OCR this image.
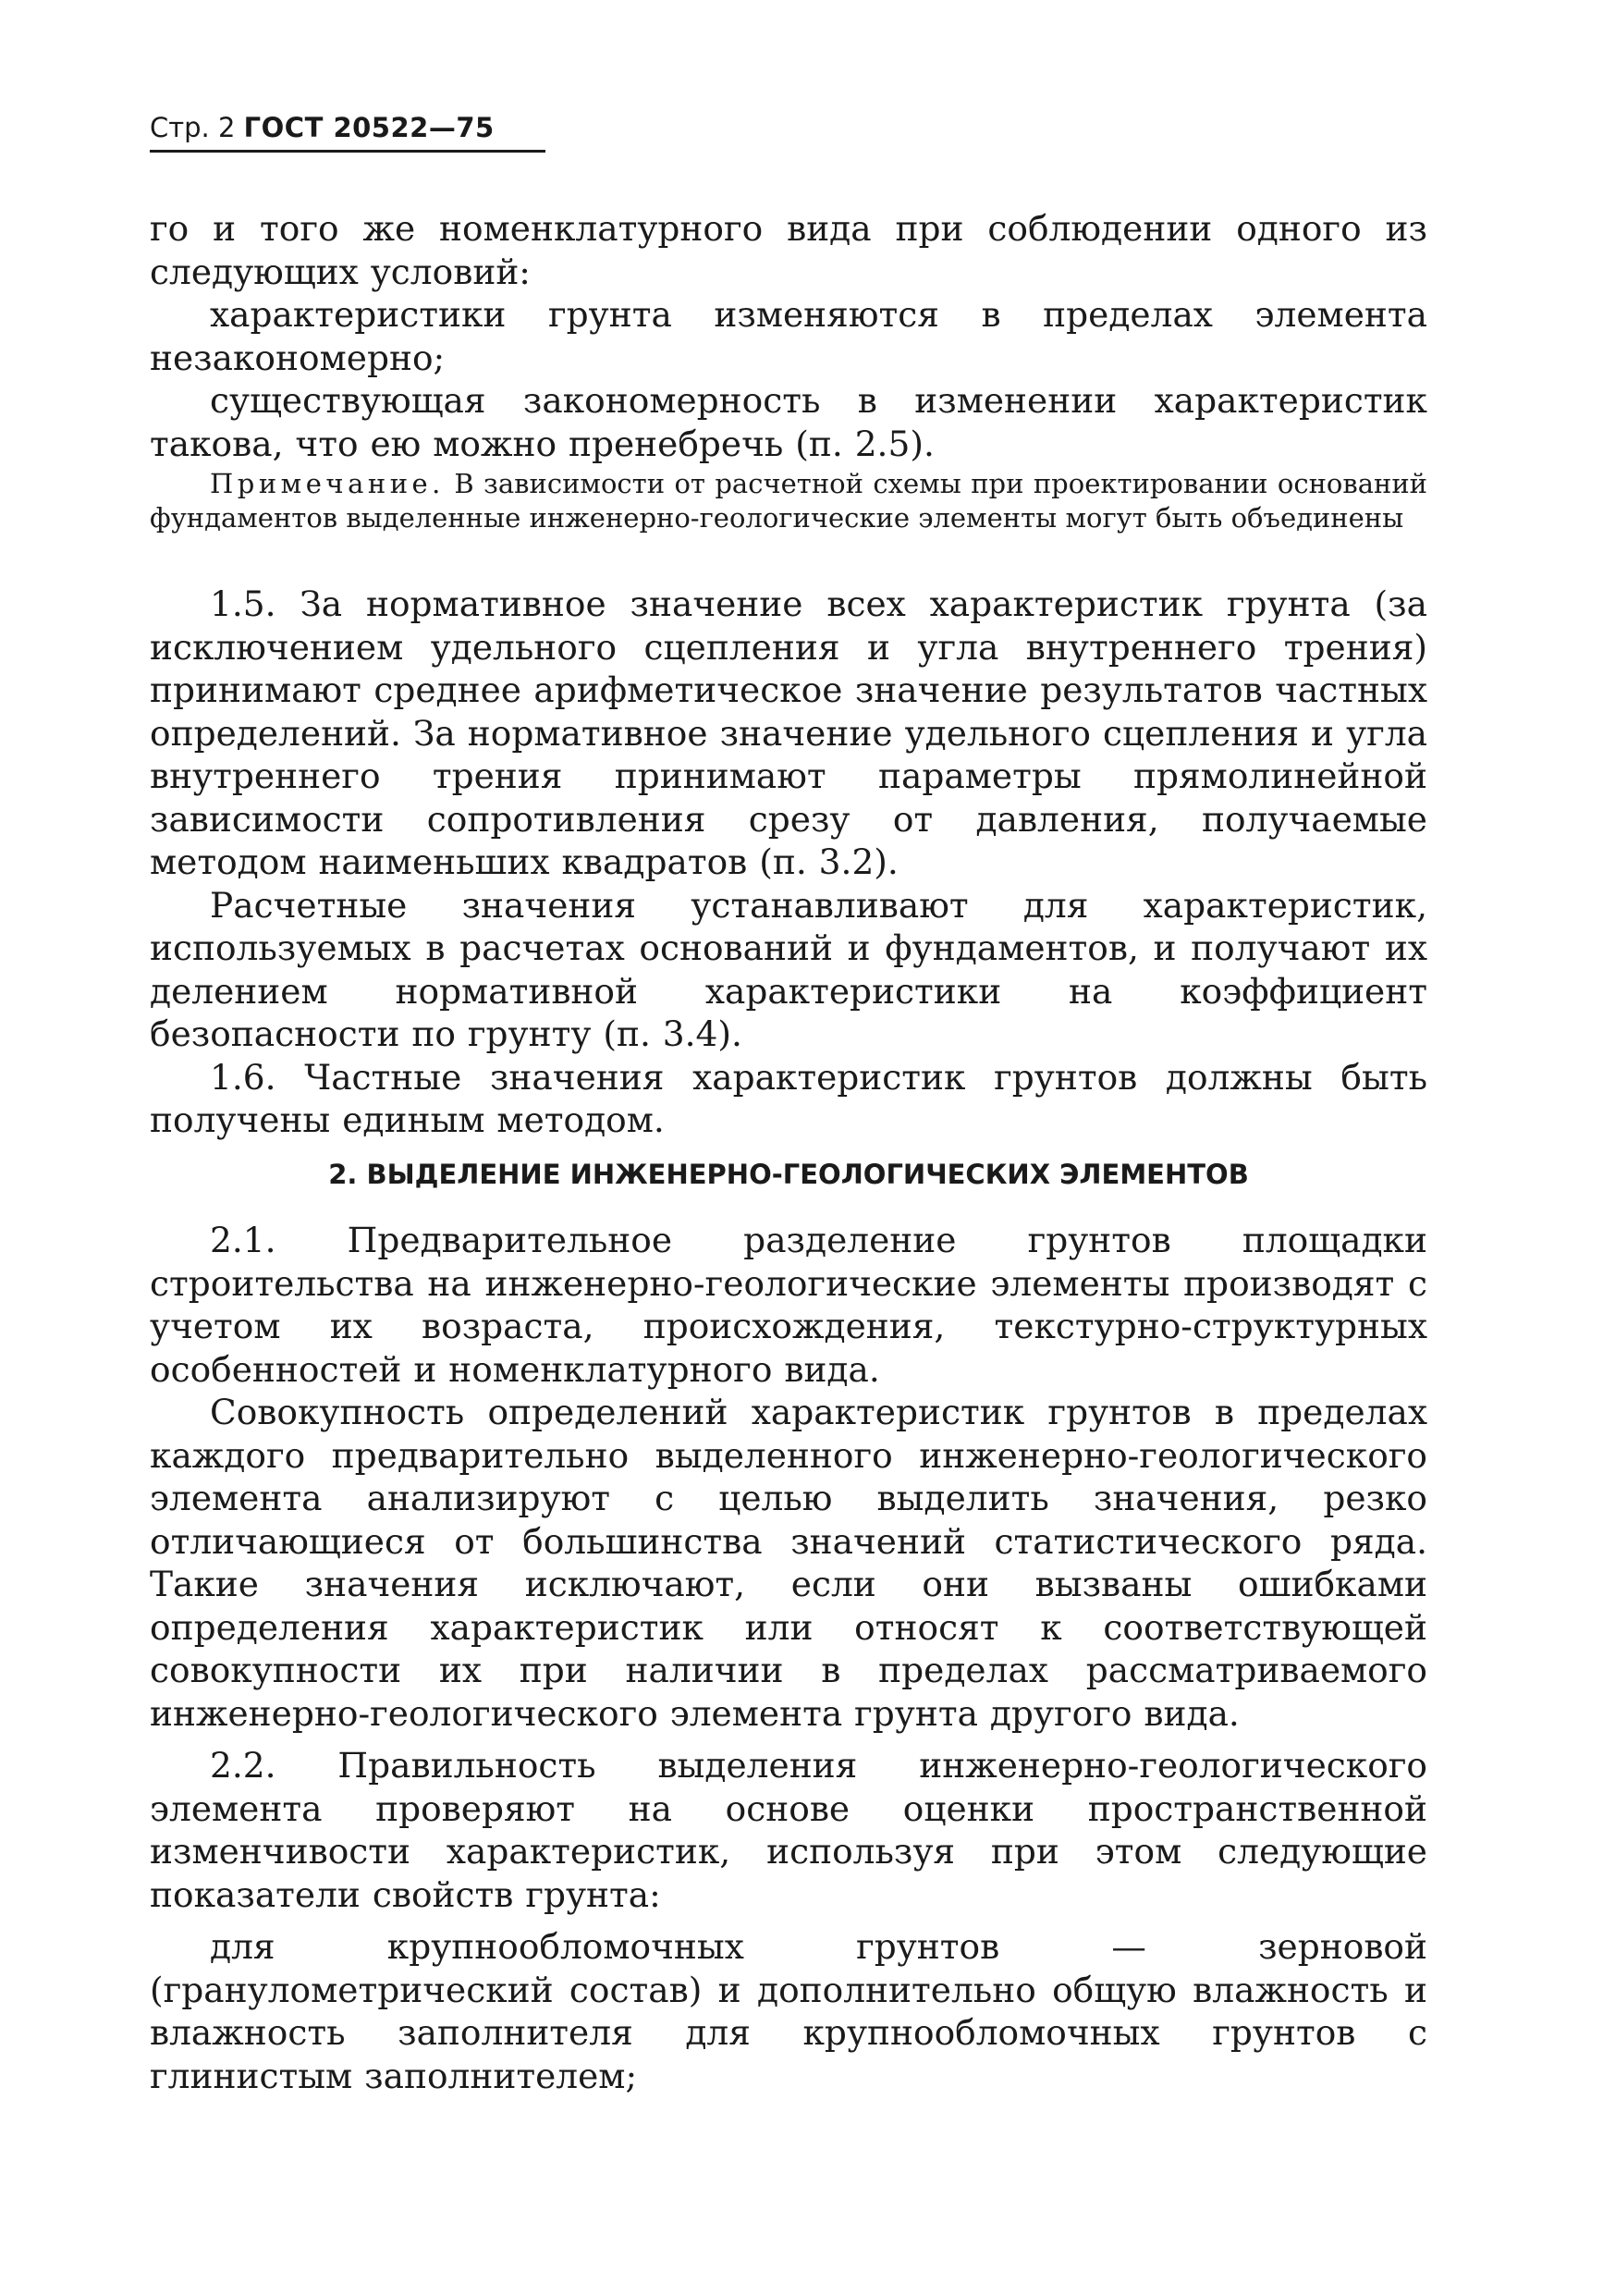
Стр. 2 ГОСТ 20522—75

го и того же номенклатурного вида при соблюдении одного из следующих условий:

характеристики грунта изменяются в пределах элемента незакономерно;

существующая закономерность в изменении характеристик такова, что ею можно пренебречь (п. 2.5).

Примечание. В зависимости от расчетной схемы при проектировании оснований фундаментов выделенные инженерно-геологические элементы могут быть объединены

1.5. За нормативное значение всех характеристик грунта (за исключением удельного сцепления и угла внутреннего трения) принимают среднее арифметическое значение результатов частных определений. За нормативное значение удельного сцепления и угла внутреннего трения принимают параметры прямолинейной зависимости сопротивления срезу от давления, получаемые методом наименьших квадратов (п. 3.2).

Расчетные значения устанавливают для характеристик, используемых в расчетах оснований и фундаментов, и получают их делением нормативной характеристики на коэффициент безопасности по грунту (п. 3.4).

1.6. Частные значения характеристик грунтов должны быть получены единым методом.

2. ВЫДЕЛЕНИЕ ИНЖЕНЕРНО-ГЕОЛОГИЧЕСКИХ ЭЛЕМЕНТОВ

2.1. Предварительное разделение грунтов площадки строительства на инженерно-геологические элементы производят с учетом их возраста, происхождения, текстурно-структурных особенностей и номенклатурного вида.

Совокупность определений характеристик грунтов в пределах каждого предварительно выделенного инженерно-геологического элемента анализируют с целью выделить значения, резко отличающиеся от большинства значений статистического ряда. Такие значения исключают, если они вызваны ошибками определения характеристик или относят к соответствующей совокупности их при наличии в пределах рассматриваемого инженерно-геологического элемента грунта другого вида.

2.2. Правильность выделения инженерно-геологического элемента проверяют на основе оценки пространственной изменчивости характеристик, используя при этом следующие показатели свойств грунта:

для крупнообломочных грунтов — зерновой (гранулометрический состав) и дополнительно общую влажность и влажность заполнителя для крупнообломочных грунтов с глинистым заполнителем;
